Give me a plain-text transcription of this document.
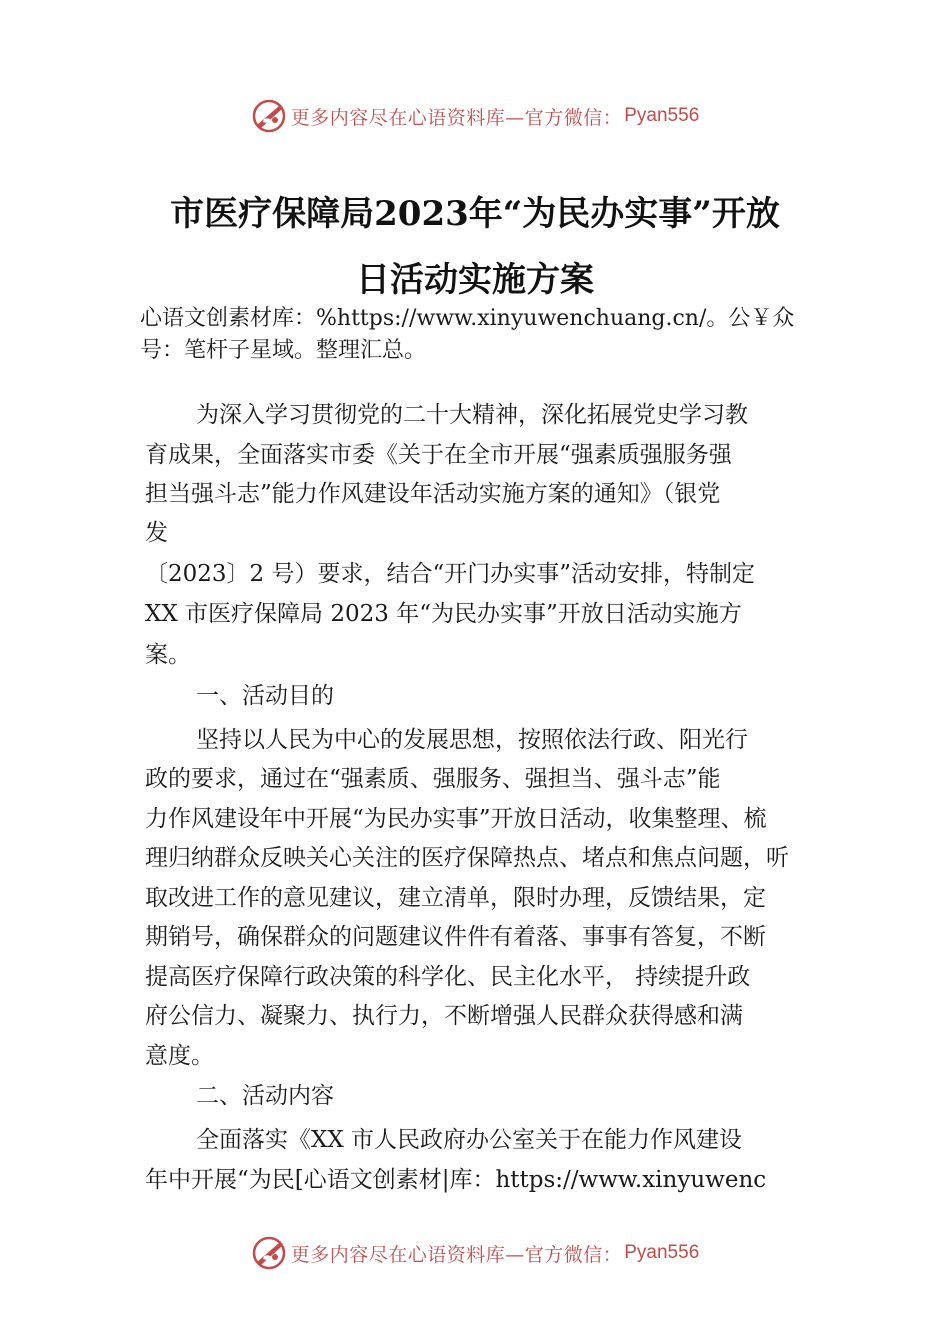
更多内容尽在心语资料库—官方微信： Pyan556
市医疗保障局2023年“为民办实事”开放
日活动实施方案
心语文创素材库：%https://www.xinyuwenchuang.cn/。公￥众
号：笔杆子星域。整理汇总。
为深入学习贯彻党的二十大精神，深化拓展党史学习教
育成果，全面落实市委《关于在全市开展“强素质强服务强
担当强斗志”能力作风建设年活动实施方案的通知》（银党
发
〔2023〕2 号）要求，结合“开门办实事”活动安排，特制定
XX 市医疗保障局 2023 年“为民办实事”开放日活动实施方
案。
一、活动目的
坚持以人民为中心的发展思想，按照依法行政、阳光行
政的要求，通过在“强素质、强服务、强担当、强斗志”能
力作风建设年中开展“为民办实事”开放日活动，收集整理、梳
理归纳群众反映关心关注的医疗保障热点、堵点和焦点问题，听
取改进工作的意见建议，建立清单，限时办理，反馈结果，定
期销号，确保群众的问题建议件件有着落、事事有答复，不断
提高医疗保障行政决策的科学化、民主化水平， 持续提升政
府公信力、凝聚力、执行力，不断增强人民群众获得感和满
意度。
二、活动内容
全面落实《XX 市人民政府办公室关于在能力作风建设
年中开展“为民[心语文创素材|库：https://www.xinyuwenc
更多内容尽在心语资料库—官方微信： Pyan556
